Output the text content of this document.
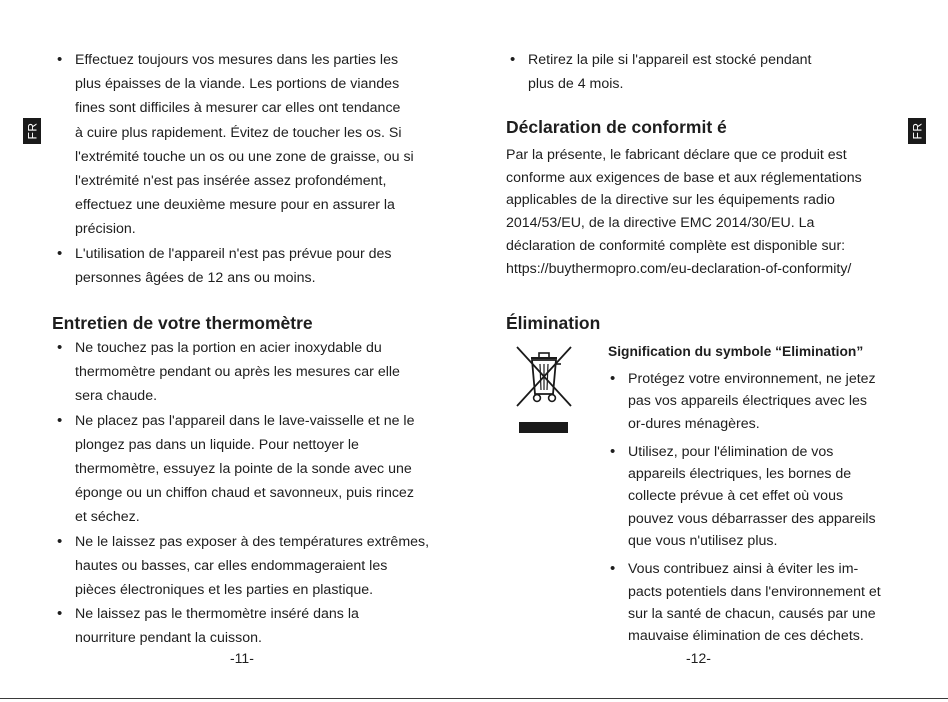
FR
• Effectuez toujours vos mesures dans les parties les
plus épaisses de la viande. Les portions de viandes
fines sont difficiles à mesurer car elles ont tendance
à cuire plus rapidement. Évitez de toucher les os. Si
l'extrémité touche un os ou une zone de graisse, ou si
l'extrémité n'est pas insérée assez profondément,
effectuez une deuxième mesure pour en assurer la
précision.
• L'utilisation de l'appareil n'est pas prévue pour des
personnes âgées de 12 ans ou moins.
Entretien de votre thermomètre
• Ne touchez pas la portion en acier inoxydable du
thermomètre pendant ou après les mesures car elle
sera chaude.
• Ne placez pas l'appareil dans le lave-vaisselle et ne le
plongez pas dans un liquide. Pour nettoyer le
thermomètre, essuyez la pointe de la sonde avec une
éponge ou un chiffon chaud et savonneux, puis rincez
et séchez.
• Ne le laissez pas exposer à des températures extrêmes,
hautes ou basses, car elles endommageraient les
pièces électroniques et les parties en plastique.
• Ne laissez pas le thermomètre inséré dans la
nourriture pendant la cuisson.
-11-
FR
• Retirez la pile si l'appareil est stocké pendant
plus de 4 mois.
Déclaration de conformit é
Par la présente, le fabricant déclare que ce produit est
conforme aux exigences de base et aux réglementations
applicables de la directive sur les équipements radio
2014/53/EU, de la directive EMC 2014/30/EU. La
déclaration de conformité complète est disponible sur:
https://buythermopro.com/eu-declaration-of-conformity/
Élimination
Signification du symbole “Elimination”
• Protégez votre environnement, ne jetez
pas vos appareils électriques avec les
or-dures ménagères.
• Utilisez, pour l'élimination de vos
appareils électriques, les bornes de
collecte prévue à cet effet où vous
pouvez vous débarrasser des appareils
que vous n'utilisez plus.
• Vous contribuez ainsi à éviter les im-
pacts potentiels dans l'environnement et
sur la santé de chacun, causés par une
mauvaise élimination de ces déchets.
-12-
